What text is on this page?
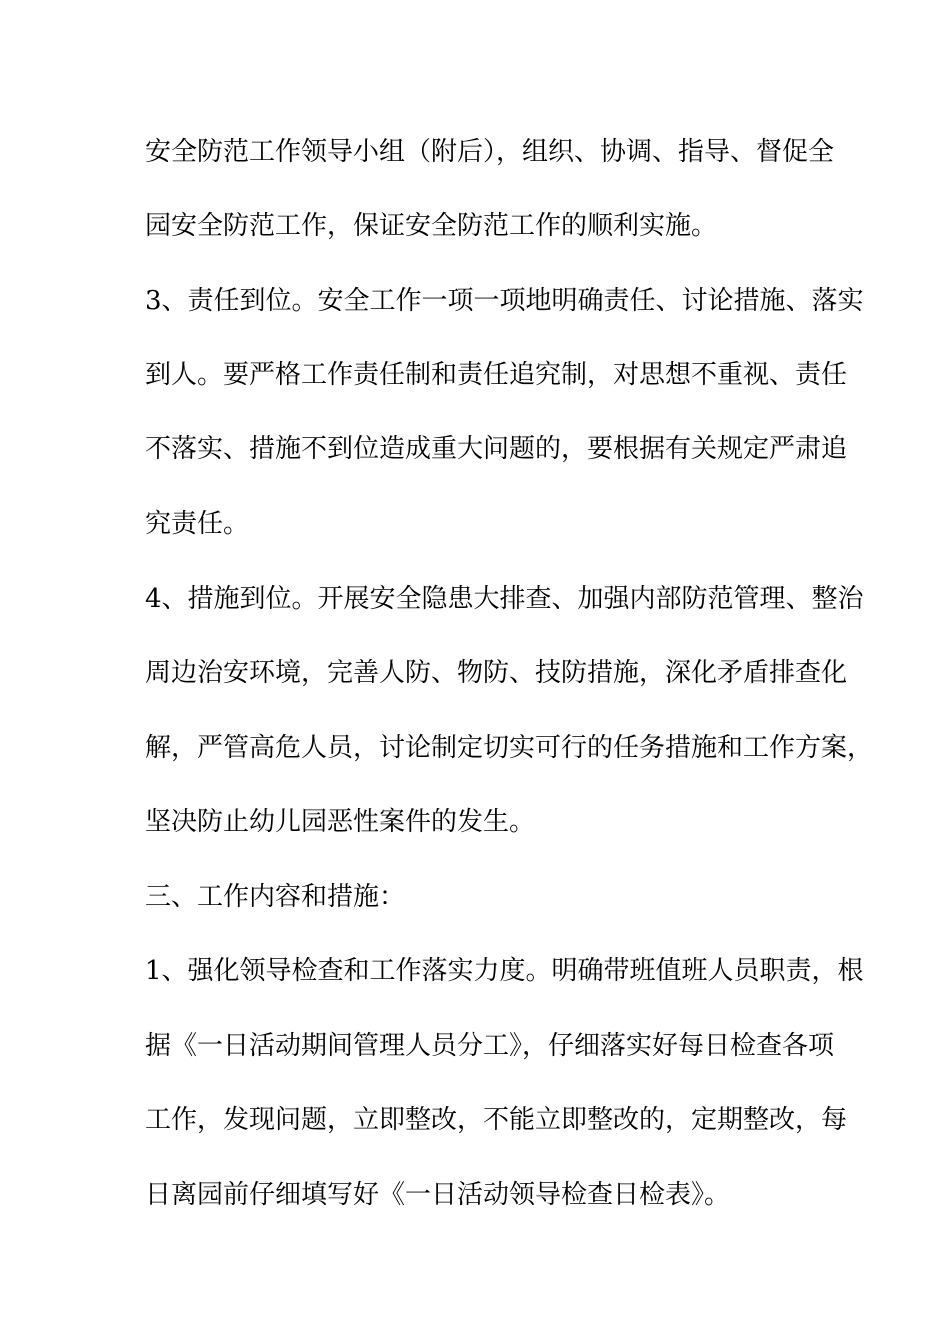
安全防范工作领导小组（附后），组织、协调、指导、督促全
园安全防范工作，保证安全防范工作的顺利实施。
3、责任到位。安全工作一项一项地明确责任、讨论措施、落实
到人。要严格工作责任制和责任追究制，对思想不重视、责任
不落实、措施不到位造成重大问题的，要根据有关规定严肃追
究责任。
4、措施到位。开展安全隐患大排查、加强内部防范管理、整治
周边治安环境，完善人防、物防、技防措施，深化矛盾排查化
解，严管高危人员，讨论制定切实可行的任务措施和工作方案，
坚决防止幼儿园恶性案件的发生。
三、工作内容和措施：
1、强化领导检查和工作落实力度。明确带班值班人员职责，根
据《一日活动期间管理人员分工》，仔细落实好每日检查各项
工作，发现问题，立即整改，不能立即整改的，定期整改，每
日离园前仔细填写好《一日活动领导检查日检表》。
